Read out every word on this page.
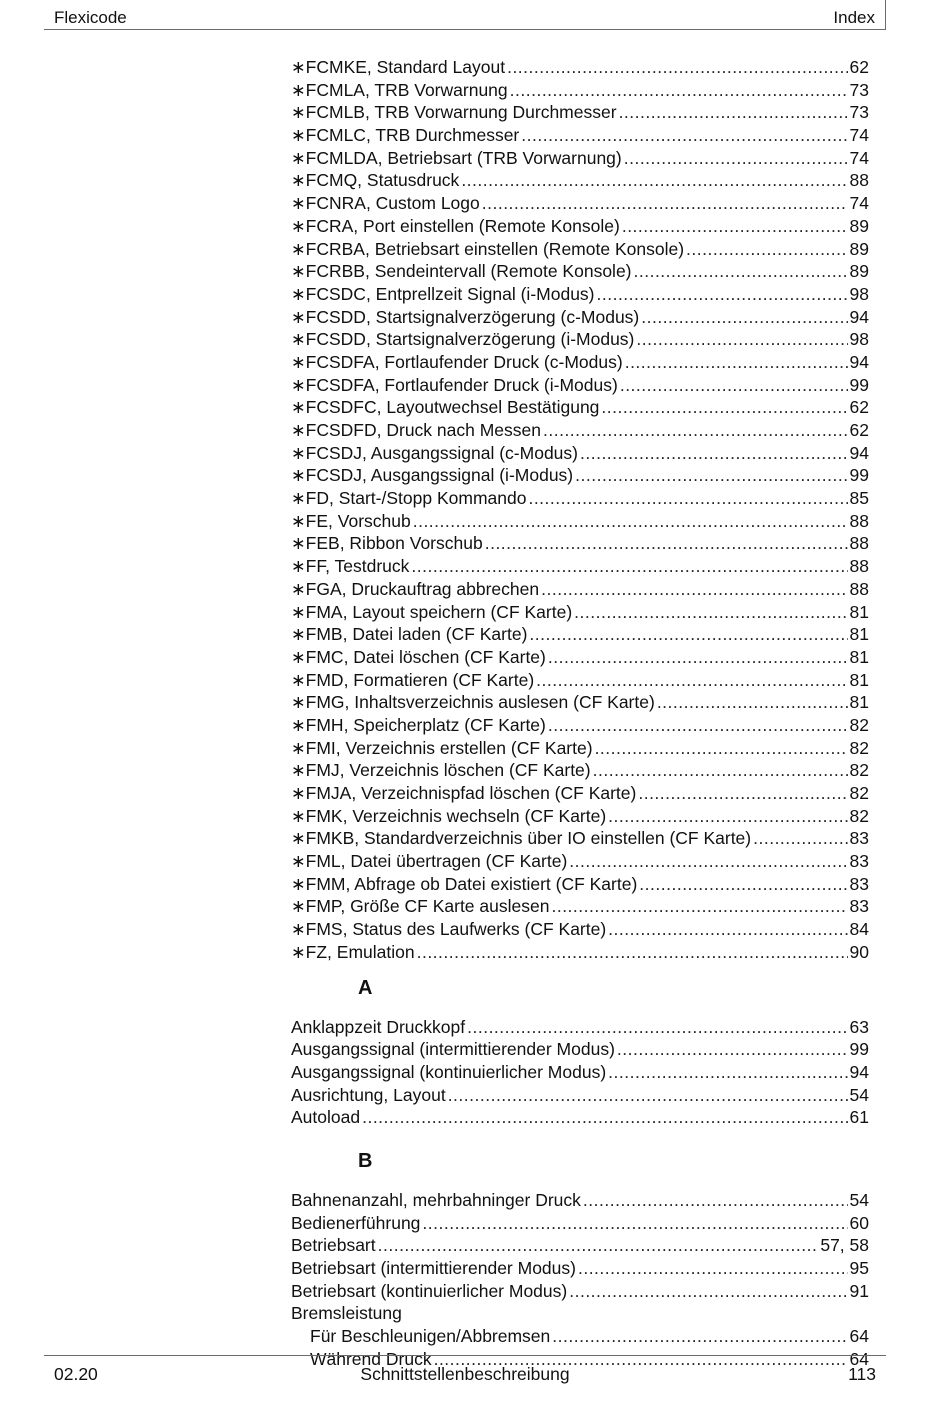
Flexicode	Index
∗FCMKE, Standard Layout .....	62
∗FCMLA, TRB Vorwarnung .....	73
∗FCMLB, TRB Vorwarnung Durchmesser .....	73
∗FCMLC, TRB Durchmesser .....	74
∗FCMLDA, Betriebsart (TRB Vorwarnung) .....	74
∗FCMQ, Statusdruck .....	88
∗FCNRA, Custom Logo .....	74
∗FCRA, Port einstellen (Remote Konsole) .....	89
∗FCRBA, Betriebsart einstellen (Remote Konsole) .....	89
∗FCRBB, Sendeintervall (Remote Konsole) .....	89
∗FCSDC, Entprellzeit Signal (i-Modus) .....	98
∗FCSDD, Startsignalverzögerung (c-Modus) .....	94
∗FCSDD, Startsignalverzögerung (i-Modus) .....	98
∗FCSDFA, Fortlaufender Druck (c-Modus) .....	94
∗FCSDFA, Fortlaufender Druck (i-Modus) .....	99
∗FCSDFC, Layoutwechsel Bestätigung .....	62
∗FCSDFD, Druck nach Messen .....	62
∗FCSDJ, Ausgangssignal (c-Modus) .....	94
∗FCSDJ, Ausgangssignal (i-Modus) .....	99
∗FD, Start-/Stopp Kommando .....	85
∗FE, Vorschub .....	88
∗FEB, Ribbon Vorschub .....	88
∗FF, Testdruck .....	88
∗FGA, Druckauftrag abbrechen .....	88
∗FMA, Layout speichern (CF Karte) .....	81
∗FMB, Datei laden (CF Karte) .....	81
∗FMC, Datei löschen (CF Karte) .....	81
∗FMD, Formatieren (CF Karte) .....	81
∗FMG, Inhaltsverzeichnis auslesen (CF Karte) .....	81
∗FMH, Speicherplatz (CF Karte) .....	82
∗FMI, Verzeichnis erstellen (CF Karte) .....	82
∗FMJ, Verzeichnis löschen (CF Karte) .....	82
∗FMJA, Verzeichnispfad löschen (CF Karte) .....	82
∗FMK, Verzeichnis wechseln (CF Karte) .....	82
∗FMKB, Standardverzeichnis über IO einstellen (CF Karte) .....	83
∗FML, Datei übertragen (CF Karte) .....	83
∗FMM, Abfrage ob Datei existiert (CF Karte) .....	83
∗FMP, Größe CF Karte auslesen .....	83
∗FMS, Status des Laufwerks (CF Karte) .....	84
∗FZ, Emulation .....	90
A
Anklappzeit Druckkopf .....	63
Ausgangssignal (intermittierender Modus) .....	99
Ausgangssignal (kontinuierlicher Modus) .....	94
Ausrichtung, Layout .....	54
Autoload .....	61
B
Bahnenanzahl, mehrbahninger Druck .....	54
Bedienerführung .....	60
Betriebsart .....	57, 58
Betriebsart (intermittierender Modus) .....	95
Betriebsart (kontinuierlicher Modus) .....	91
Bremsleistung
Für Beschleunigen/Abbremsen .....	64
Während Druck .....	64
02.20	Schnittstellenbeschreibung	113
